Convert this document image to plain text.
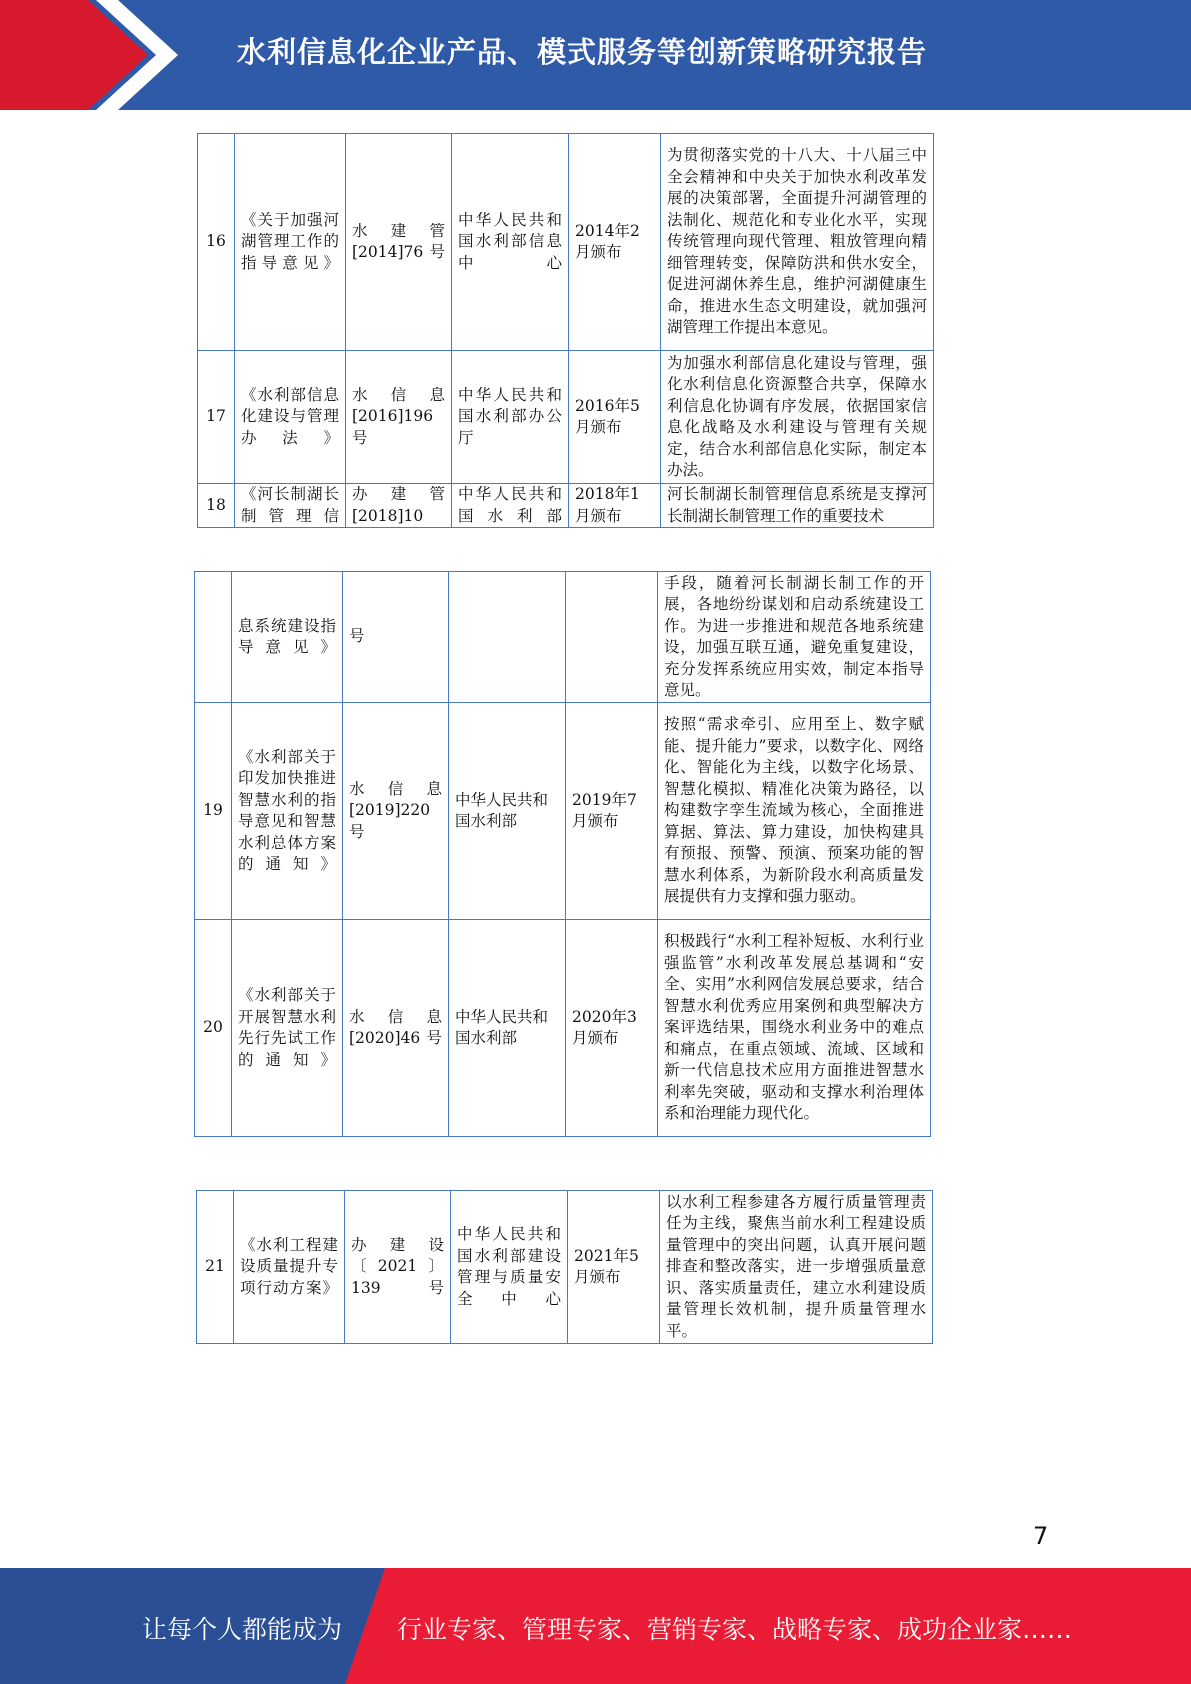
水利信息化企业产品、模式服务等创新策略研究报告
16	《关于加强河湖管理工作的指导意见》	水建管[2014]76号	中华人民共和国水利部信息中心	2014年2月颁布	为贯彻落实党的十八大、十八届三中全会精神和中央关于加快水利改革发展的决策部署，全面提升河湖管理的法制化、规范化和专业化水平，实现传统管理向现代管理、粗放管理向精细管理转变，保障防洪和供水安全，促进河湖休养生息，维护河湖健康生命，推进水生态文明建设，就加强河湖管理工作提出本意见。
17	《水利部信息化建设与管理办法》	水信息[2016]196号	中华人民共和国水利部办公厅	2016年5月颁布	为加强水利部信息化建设与管理，强化水利信息化资源整合共享，保障水利信息化协调有序发展，依据国家信息化战略及水利建设与管理有关规定，结合水利部信息化实际，制定本办法。
18	《河长制湖长制管理信	办建管[2018]10	中华人民共和国水利部	2018年1月颁布	河长制湖长制管理信息系统是支撑河长制湖长制管理工作的重要技术
	息系统建设指导意见》	号			手段，随着河长制湖长制工作的开展，各地纷纷谋划和启动系统建设工作。为进一步推进和规范各地系统建设，加强互联互通，避免重复建设，充分发挥系统应用实效，制定本指导意见。
19	《水利部关于印发加快推进智慧水利的指导意见和智慧水利总体方案的通知》	水信息[2019]220号	中华人民共和国水利部	2019年7月颁布	按照“需求牵引、应用至上、数字赋能、提升能力”要求，以数字化、网络化、智能化为主线，以数字化场景、智慧化模拟、精准化决策为路径，以构建数字孪生流域为核心，全面推进算据、算法、算力建设，加快构建具有预报、预警、预演、预案功能的智慧水利体系，为新阶段水利高质量发展提供有力支撑和强力驱动。
20	《水利部关于开展智慧水利先行先试工作的通知》	水信息[2020]46号	中华人民共和国水利部	2020年3月颁布	积极践行“水利工程补短板、水利行业强监管”水利改革发展总基调和“安全、实用”水利网信发展总要求，结合智慧水利优秀应用案例和典型解决方案评选结果，围绕水利业务中的难点和痛点，在重点领域、流域、区域和新一代信息技术应用方面推进智慧水利率先突破，驱动和支撑水利治理体系和治理能力现代化。
21	《水利工程建设质量提升专项行动方案》	办建设〔2021〕139号	中华人民共和国水利部建设管理与质量安全中心	2021年5月颁布	以水利工程参建各方履行质量管理责任为主线，聚焦当前水利工程建设质量管理中的突出问题，认真开展问题排查和整改落实，进一步增强质量意识、落实质量责任，建立水利建设质量管理长效机制，提升质量管理水平。
7
让每个人都能成为 行业专家、管理专家、营销专家、战略专家、成功企业家……
